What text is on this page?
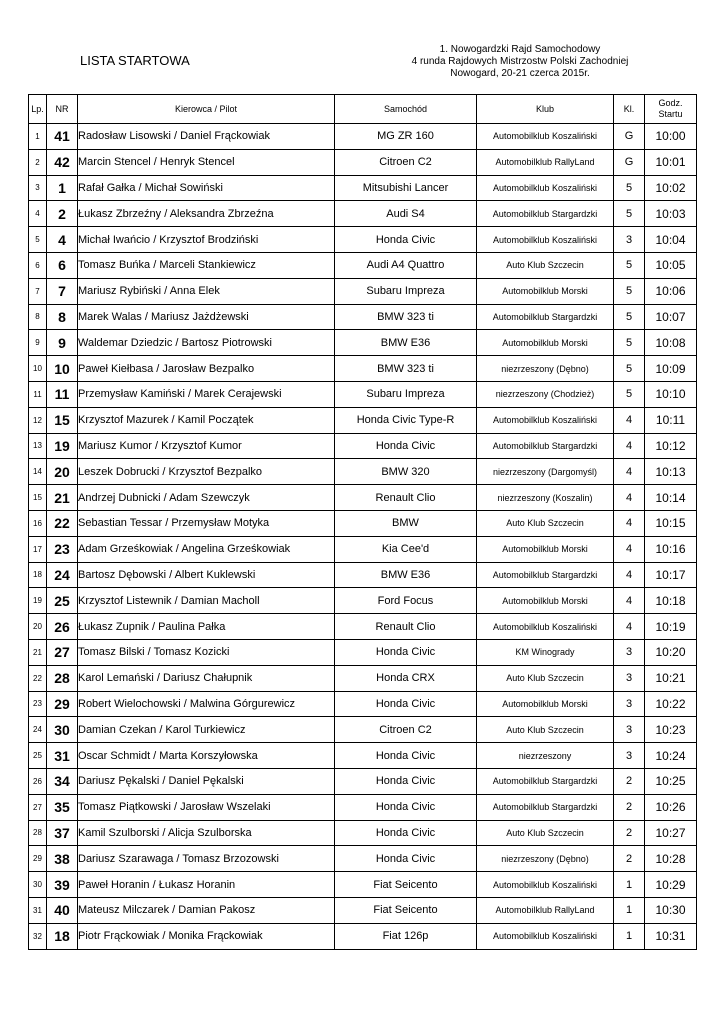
LISTA STARTOWA
1. Nowogardzki Rajd Samochodowy
4 runda Rajdowych Mistrzostw Polski Zachodniej
Nowogard, 20-21 czerca 2015r.
Lp.	NR	Kierowca / Pilot	Samochód	Klub	Kl.	Godz.
Startu
1	41	Radosław Lisowski / Daniel Frąckowiak	MG ZR 160	Automobilklub Koszaliński	G	10:00
2	42	Marcin Stencel / Henryk Stencel	Citroen C2	Automobilklub RallyLand	G	10:01
3	1	Rafał Gałka / Michał Sowiński	Mitsubishi Lancer	Automobilklub Koszaliński	5	10:02
4	2	Łukasz Zbrzeźny / Aleksandra Zbrzeźna	Audi S4	Automobilklub Stargardzki	5	10:03
5	4	Michał Iwańcio / Krzysztof Brodziński	Honda Civic	Automobilklub Koszaliński	3	10:04
6	6	Tomasz Buńka / Marceli Stankiewicz	Audi A4 Quattro	Auto Klub Szczecin	5	10:05
7	7	Mariusz Rybiński / Anna Elek	Subaru Impreza	Automobilklub Morski	5	10:06
8	8	Marek Walas / Mariusz Jażdżewski	BMW 323 ti	Automobilklub Stargardzki	5	10:07
9	9	Waldemar Dziedzic / Bartosz Piotrowski	BMW E36	Automobilklub Morski	5	10:08
10	10	Paweł Kiełbasa / Jarosław Bezpalko	BMW 323 ti	niezrzeszony (Dębno)	5	10:09
11	11	Przemysław Kamiński / Marek Cerajewski	Subaru Impreza	niezrzeszony (Chodzież)	5	10:10
12	15	Krzysztof Mazurek / Kamil Początek	Honda Civic Type-R	Automobilklub Koszaliński	4	10:11
13	19	Mariusz Kumor / Krzysztof Kumor	Honda Civic	Automobilklub Stargardzki	4	10:12
14	20	Leszek Dobrucki / Krzysztof Bezpalko	BMW 320	niezrzeszony (Dargomyśl)	4	10:13
15	21	Andrzej Dubnicki / Adam Szewczyk	Renault Clio	niezrzeszony (Koszalin)	4	10:14
16	22	Sebastian Tessar / Przemysław Motyka	BMW	Auto Klub Szczecin	4	10:15
17	23	Adam Grześkowiak / Angelina Grześkowiak	Kia Cee'd	Automobilklub Morski	4	10:16
18	24	Bartosz Dębowski / Albert Kuklewski	BMW E36	Automobilklub Stargardzki	4	10:17
19	25	Krzysztof Listewnik / Damian Macholl	Ford Focus	Automobilklub Morski	4	10:18
20	26	Łukasz Zupnik / Paulina Pałka	Renault Clio	Automobilklub Koszaliński	4	10:19
21	27	Tomasz Bilski / Tomasz Kozicki	Honda Civic	KM Winogrady	3	10:20
22	28	Karol Lemański / Dariusz Chałupnik	Honda CRX	Auto Klub Szczecin	3	10:21
23	29	Robert Wielochowski / Malwina Górgurewicz	Honda Civic	Automobilklub Morski	3	10:22
24	30	Damian Czekan / Karol Turkiewicz	Citroen C2	Auto Klub Szczecin	3	10:23
25	31	Oscar Schmidt / Marta Korszyłowska	Honda Civic	niezrzeszony	3	10:24
26	34	Dariusz Pękalski / Daniel Pękalski	Honda Civic	Automobilklub Stargardzki	2	10:25
27	35	Tomasz Piątkowski / Jarosław Wszelaki	Honda Civic	Automobilklub Stargardzki	2	10:26
28	37	Kamil Szulborski / Alicja Szulborska	Honda Civic	Auto Klub Szczecin	2	10:27
29	38	Dariusz Szarawaga / Tomasz Brzozowski	Honda Civic	niezrzeszony (Dębno)	2	10:28
30	39	Paweł Horanin / Łukasz Horanin	Fiat Seicento	Automobilklub Koszaliński	1	10:29
31	40	Mateusz Milczarek / Damian Pakosz	Fiat Seicento	Automobilklub RallyLand	1	10:30
32	18	Piotr Frąckowiak / Monika Frąckowiak	Fiat 126p	Automobilklub Koszaliński	1	10:31
